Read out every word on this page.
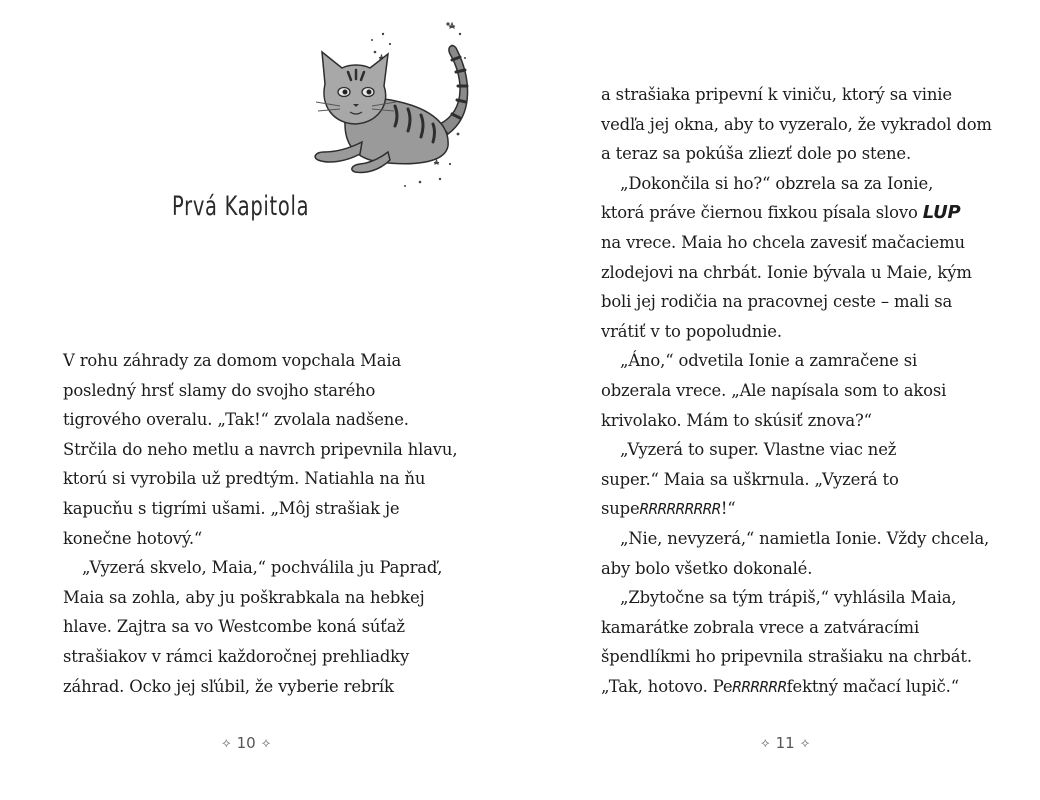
Prvá Kapitola
V rohu záhrady za domom vopchala Maia
posledný hrsť slamy do svojho starého
tigrového overalu. „Tak!“ zvolala nadšene.
Strčila do neho metlu a navrch pripevnila hlavu,
ktorú si vyrobila už predtým. Natiahla na ňu
kapucňu s tigrími ušami. „Môj strašiak je
konečne hotový.“
„Vyzerá skvelo, Maia,“ pochválila ju Papraď,
Maia sa zohla, aby ju poškrabkala na hebkej
hlave. Zajtra sa vo Westcombe koná súťaž
strašiakov v rámci každoročnej prehliadky
záhrad. Ocko jej sľúbil, že vyberie rebrík
⟡ 10 ⟡
a strašiaka pripevní k viniču, ktorý sa vinie
vedľa jej okna, aby to vyzeralo, že vykradol dom
a teraz sa pokúša zliezť dole po stene.
„Dokončila si ho?“ obzrela sa za Ionie,
ktorá práve čiernou fixkou písala slovo LUP
na vrece. Maia ho chcela zavesiť mačaciemu
zlodejovi na chrbát. Ionie bývala u Maie, kým
boli jej rodičia na pracovnej ceste – mali sa
vrátiť v to popoludnie.
„Áno,“ odvetila Ionie a zamračene si
obzerala vrece. „Ale napísala som to akosi
krivolako. Mám to skúsiť znova?“
„Vyzerá to super. Vlastne viac než
super.“ Maia sa uškrnula. „Vyzerá to
supeRRRRRRRRR!“
„Nie, nevyzerá,“ namietla Ionie. Vždy chcela,
aby bolo všetko dokonalé.
„Zbytočne sa tým trápiš,“ vyhlásila Maia,
kamarátke zobrala vrece a zatváracími
špendlíkmi ho pripevnila strašiaku na chrbát.
„Tak, hotovo. PeRRRRRRfektný mačací lupič.“
⟡ 11 ⟡
